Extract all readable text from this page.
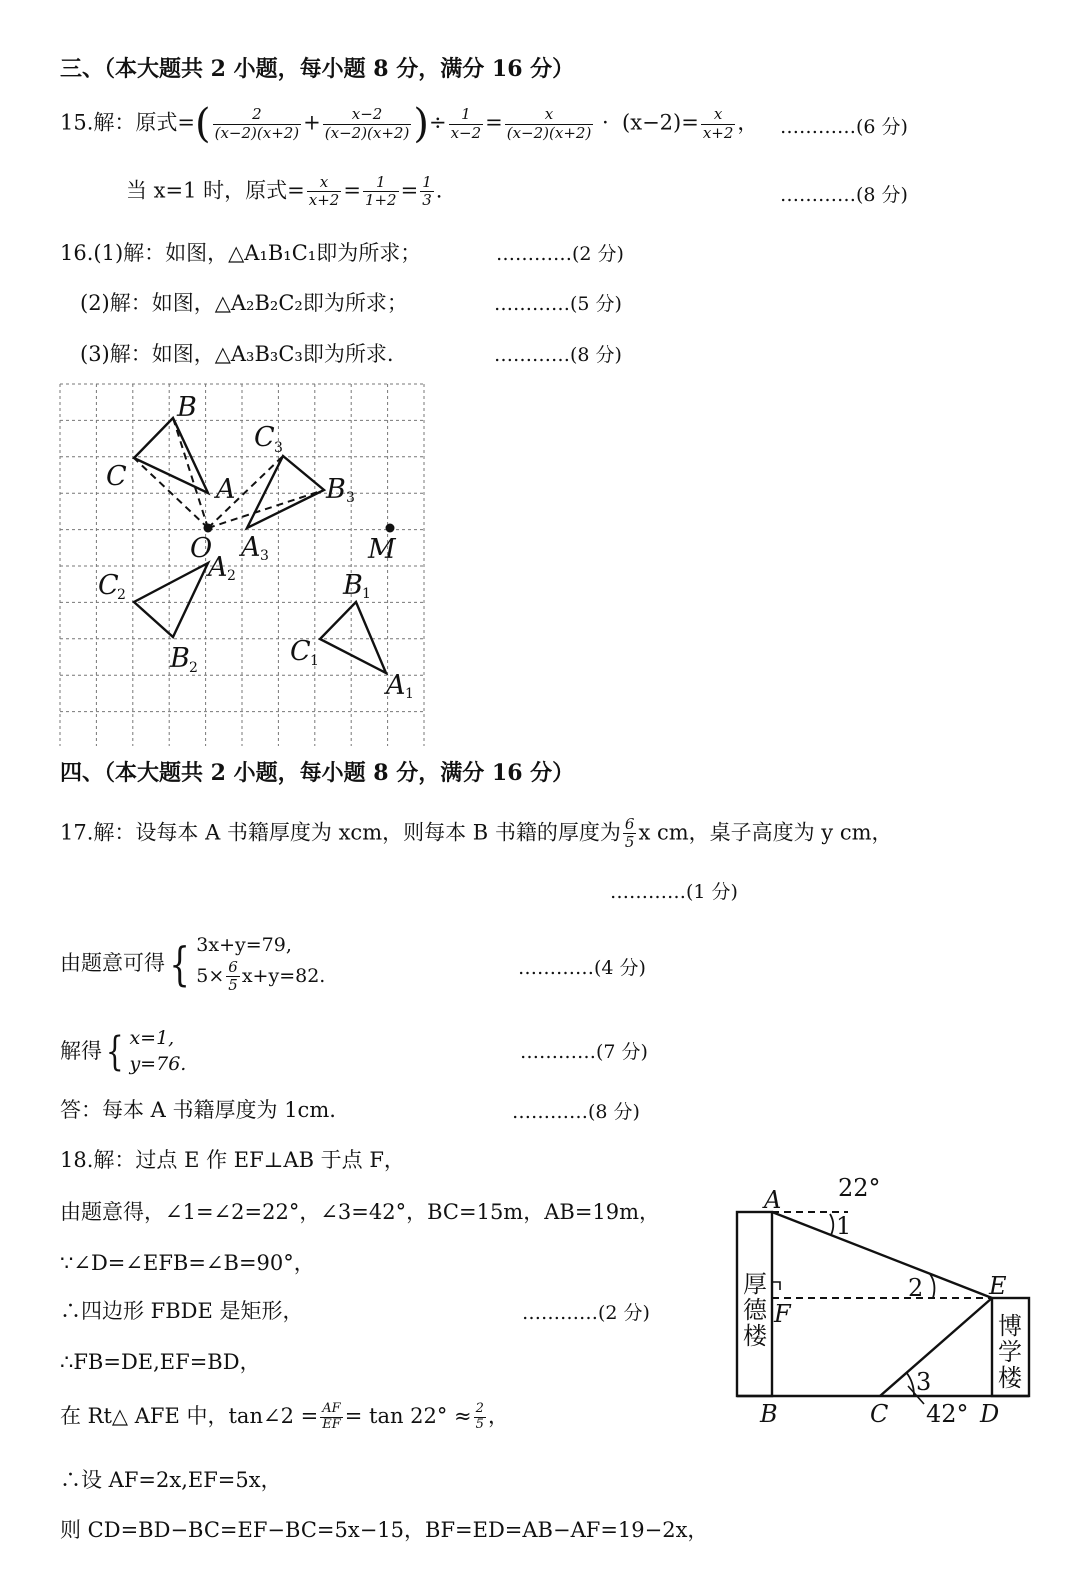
三、（本大题共 2 小题，每小题 8 分，满分 16 分）
15.解：原式=( $\frac{2}{(x-2)(x+2)} + \frac{x-2}{(x-2)(x+2)}$ )÷ $\frac{1}{x-2} = \frac{x}{(x-2)(x+2)} \cdot (x-2)= \frac{x}{x+2}$ ， …………(6 分)
当 x=1 时，原式= $\frac{x}{x+2} = \frac{1}{1+2} = \frac{1}{3}$ .	…………(8 分)
16.(1)解：如图，△A₁B₁C₁即为所求；	…………(2 分)
(2)解：如图，△A₂B₂C₂即为所求；	…………(5 分)
(3)解：如图，△A₃B₃C₃即为所求.	…………(8 分)
B
C	A
C
B
O A	M
A
C
B
B
C
A
3
3
3
2
2
2
1
1
1
四、（本大题共 2 小题，每小题 8 分，满分 16 分）
17.解：设每本 A 书籍厚度为 xcm，则每本 B 书籍的厚度为 $\frac{6}{5}$ x cm，桌子高度为 y cm，
…………(1 分)
由题意可得{ 3x+y=79,
$5\times \frac{6}{5} x+y=82$.	…………(4 分)
解得{ x=1,
y=76.
…………(7 分)
答：每本 A 书籍厚度为 1cm.	…………(8 分)
18.解：过点 E 作 EF⊥AB 于点 F，
由题意得，∠1=∠2=22°，∠3=42°，BC=15m，AB=19m，
∵∠D=∠EFB=∠B=90°，
∴四边形 FBDE 是矩形，	…………(2 分)
∴FB=DE,EF=BD，
在 Rt△ AFE 中，tan∠2 = $\frac{AF}{EF} = \tan 22^\circ \approx \frac{2}{5}$ ，
∴设 AF=2x,EF=5x，
则 CD=BD−BC=EF−BC=5x−15，BF=ED=AB−AF=19−2x，
22°
A
1
2	E
F
厚
德
楼	博
学
楼
3
B	C 42° D
